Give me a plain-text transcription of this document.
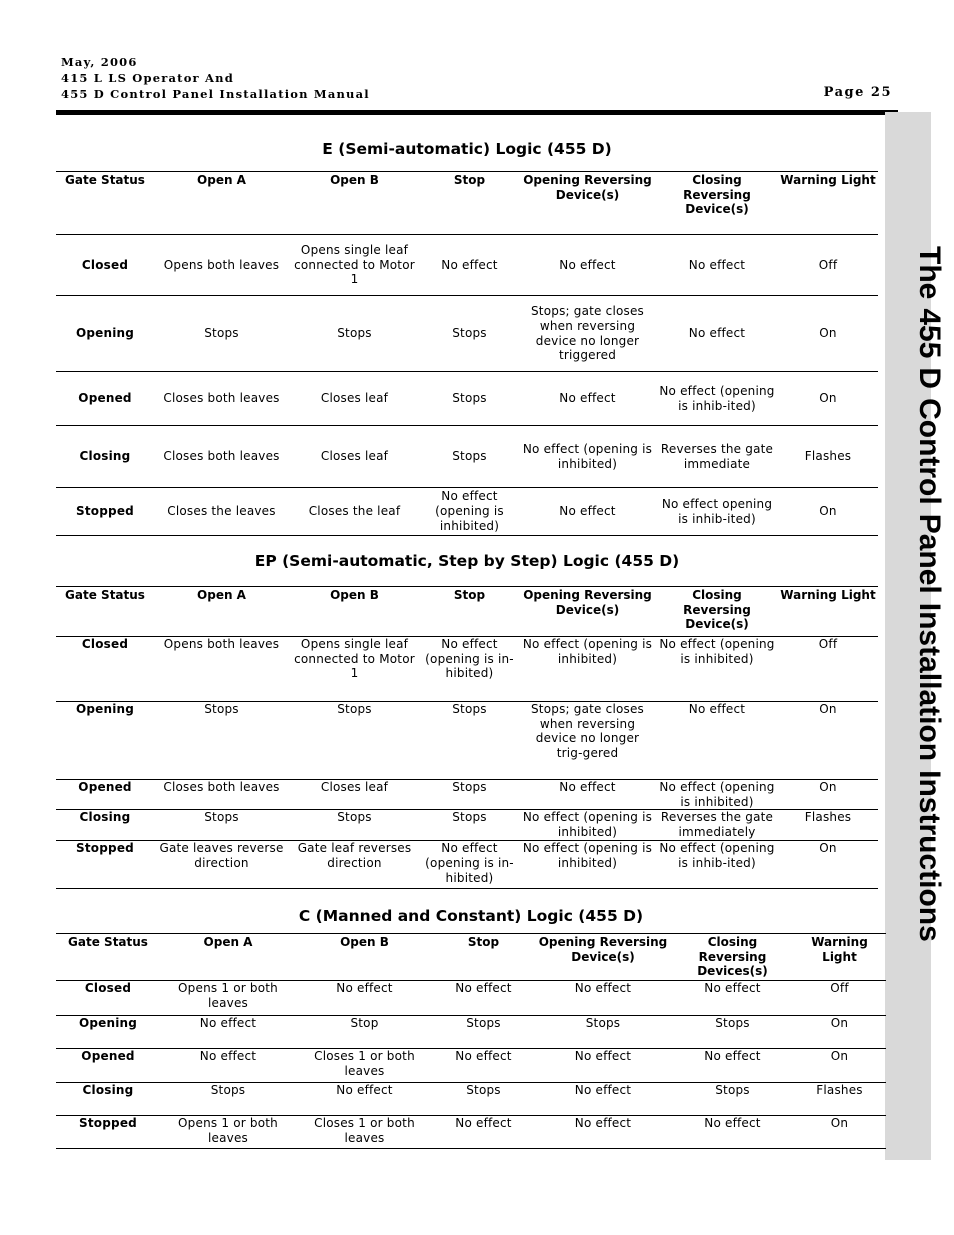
May, 2006
415 L LS Operator And
455 D Control Panel Installation Manual	Page 25
The455DControlPanelInstallationInstructions
E (Semi-automatic) Logic (455 D)
Gate Status	Open A	Open B	Stop	Opening Reversing Device(s)	Closing Reversing Device(s)	Warning Light
Closed	Opens both leaves	Opens single leaf connected to Motor 1	No effect	No effect	No effect	Off
Opening	Stops	Stops	Stops	Stops; gate closes when reversing device no longer triggered	No effect	On
Opened	Closes both leaves	Closes leaf	Stops	No effect	No effect (opening is inhib-ited)	On
Closing	Closes both leaves	Closes leaf	Stops	No effect (opening is inhibited)	Reverses the gate immediate	Flashes
Stopped	Closes the leaves	Closes the leaf	No effect (opening is inhibited)	No effect	No effect opening is inhib-ited)	On
EP (Semi-automatic, Step by Step) Logic (455 D)
Gate Status	Open A	Open B	Stop	Opening Reversing Device(s)	Closing Reversing Device(s)	Warning Light
Closed	Opens both leaves	Opens single leaf connected to Motor 1	No effect (opening is in-hibited)	No effect (opening is inhibited)	No effect (opening is inhibited)	Off
Opening	Stops	Stops	Stops	Stops; gate closes when reversing device no longer trig-gered	No effect	On
Opened	Closes both leaves	Closes leaf	Stops	No effect	No effect (opening is inhibited)	On
Closing	Stops	Stops	Stops	No effect (opening is inhibited)	Reverses the gate immediately	Flashes
Stopped	Gate leaves reverse direction	Gate leaf reverses direction	No effect (opening is in-hibited)	No effect (opening is inhibited)	No effect (opening is inhib-ited)	On
C (Manned and Constant) Logic (455 D)
Gate Status	Open A	Open B	Stop	Opening Reversing Device(s)	Closing Reversing Devices(s)	Warning Light
Closed	Opens 1 or both leaves	No effect	No effect	No effect	No effect	Off
Opening	No effect	Stop	Stops	Stops	Stops	On
Opened	No effect	Closes 1 or both leaves	No effect	No effect	No effect	On
Closing	Stops	No effect	Stops	No effect	Stops	Flashes
Stopped	Opens 1 or both leaves	Closes 1 or both leaves	No effect	No effect	No effect	On
